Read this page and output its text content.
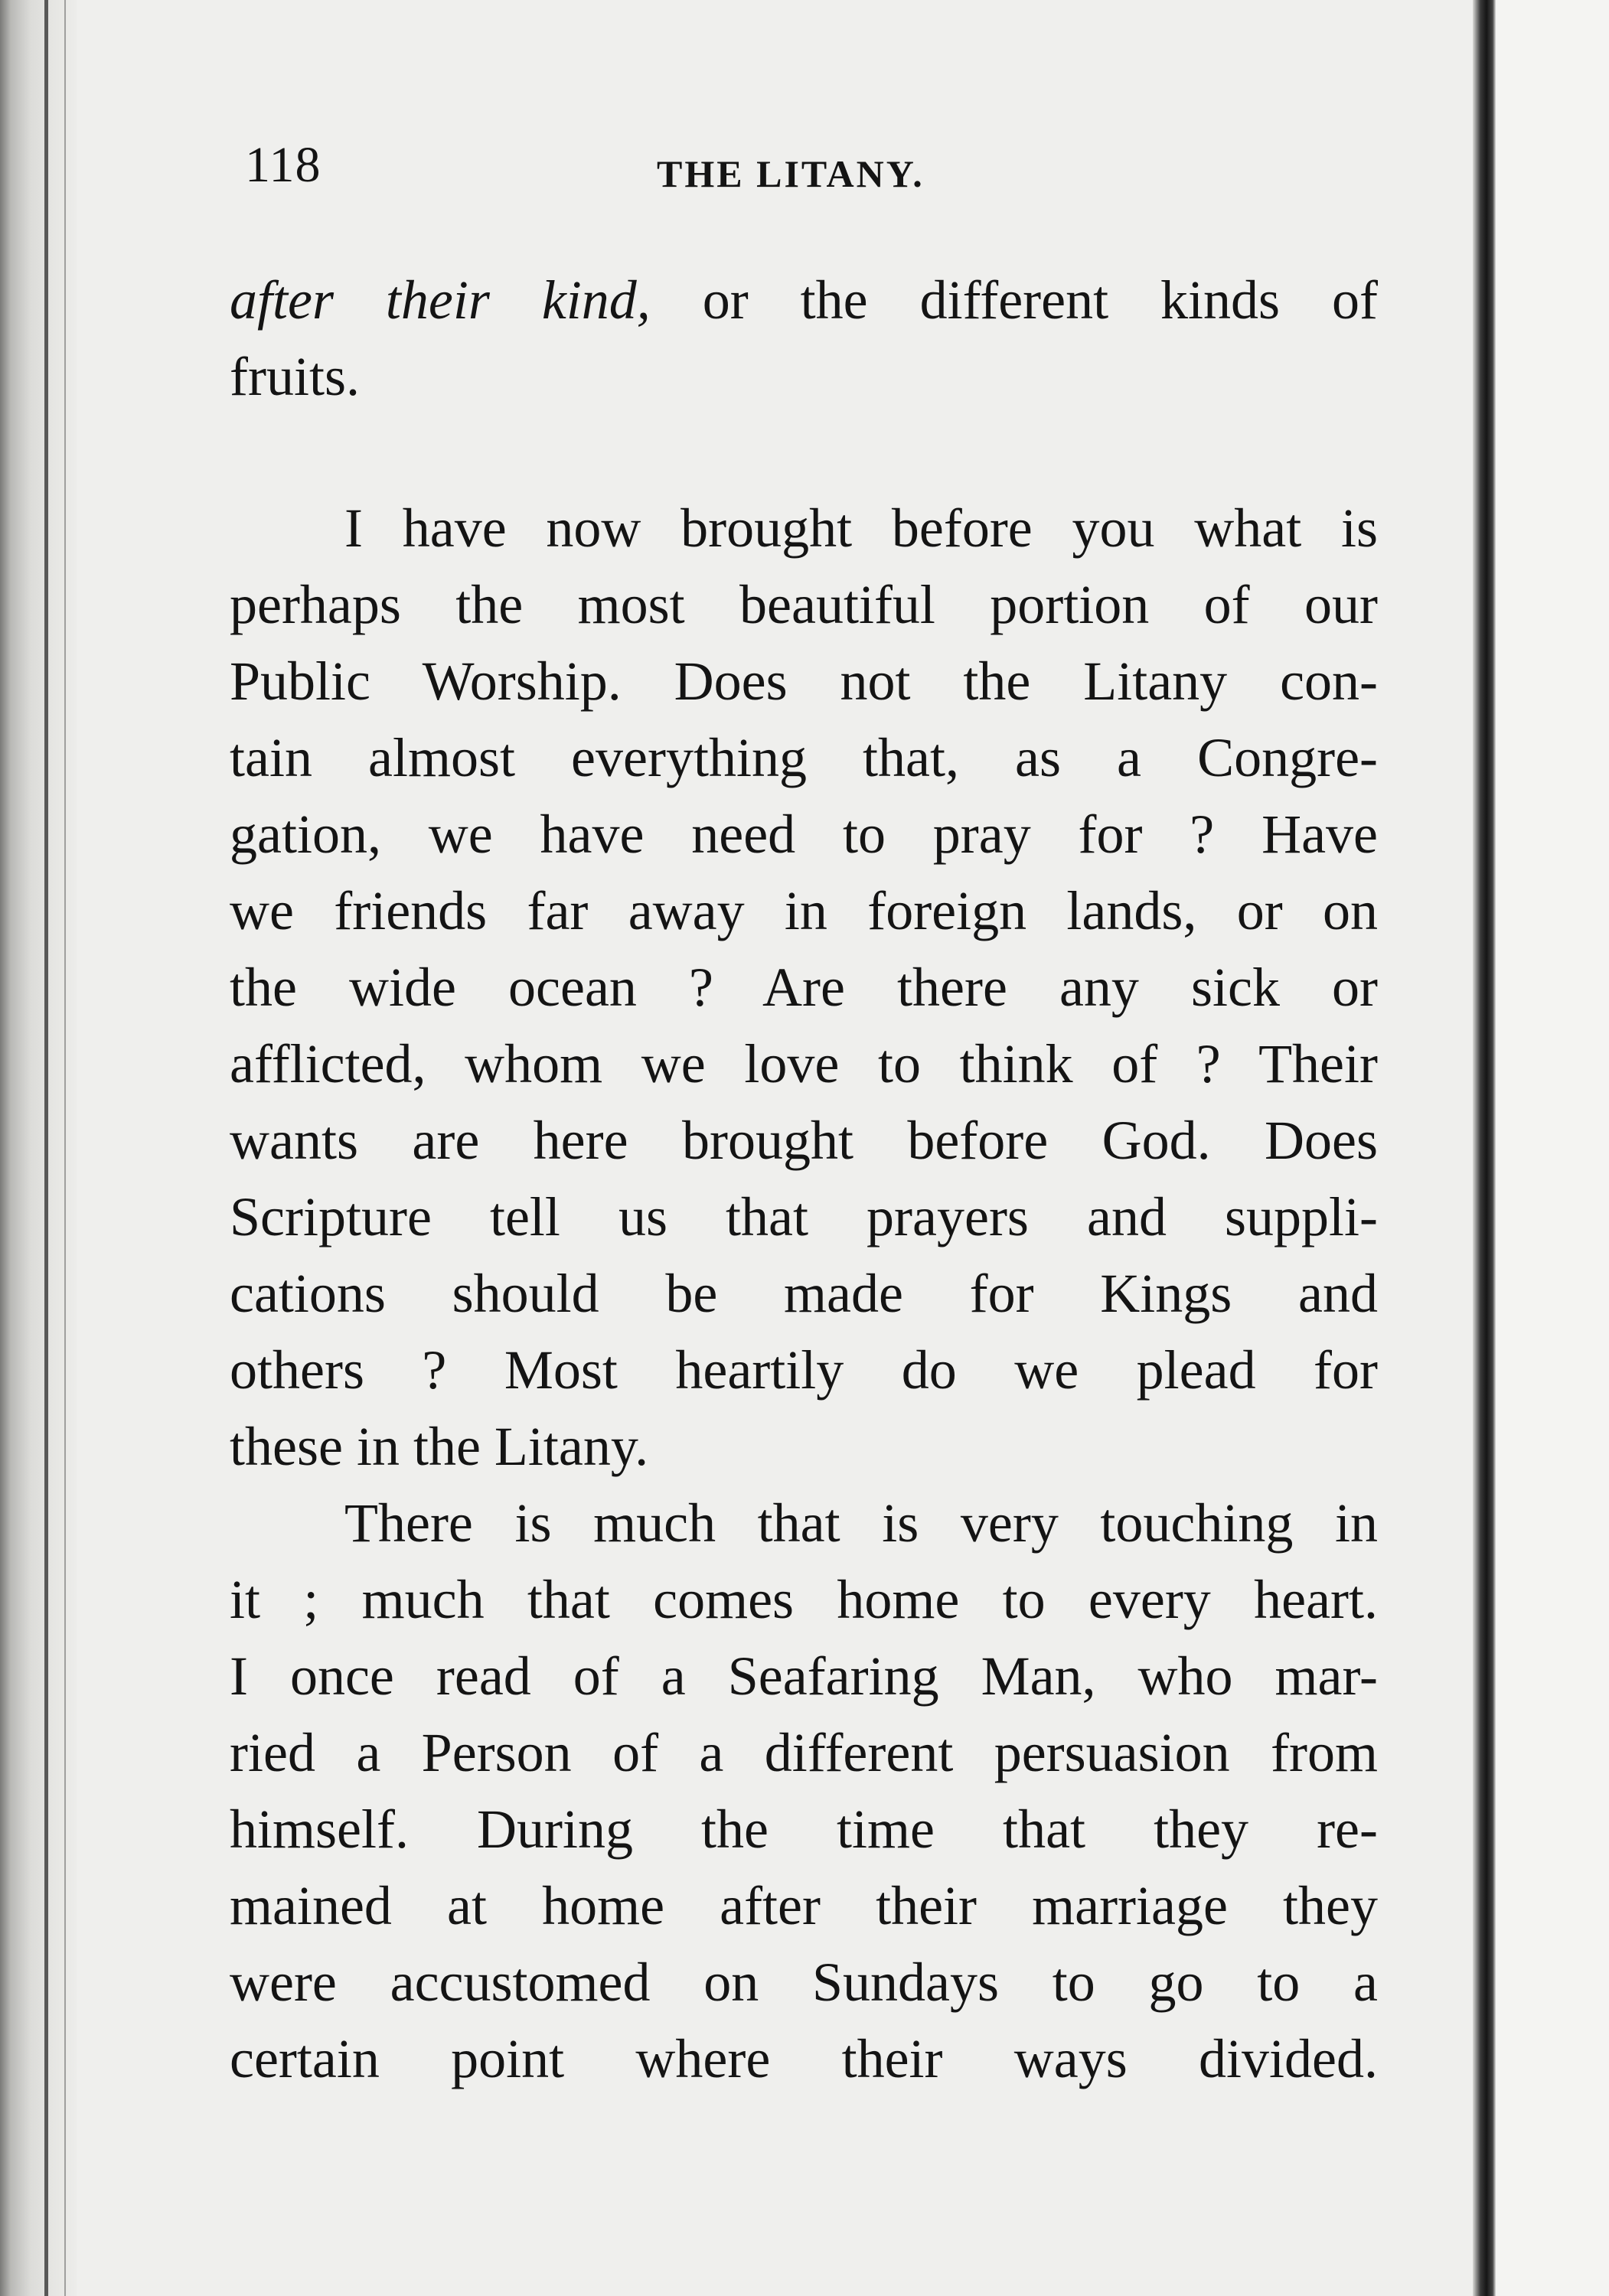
118	THE LITANY.
after their kind, or the different kinds of
fruits.
I have now brought before you what is
perhaps the most beautiful portion of our
Public Worship. Does not the Litany con-
tain almost everything that, as a Congre-
gation, we have need to pray for ? Have
we friends far away in foreign lands, or on
the wide ocean ? Are there any sick or
afflicted, whom we love to think of ? Their
wants are here brought before God. Does
Scripture tell us that prayers and suppli-
cations should be made for Kings and
others ? Most heartily do we plead for
these in the Litany.
There is much that is very touching in
it ; much that comes home to every heart.
I once read of a Seafaring Man, who mar-
ried a Person of a different persuasion from
himself. During the time that they re-
mained at home after their marriage they
were accustomed on Sundays to go to a
certain point where their ways divided.
